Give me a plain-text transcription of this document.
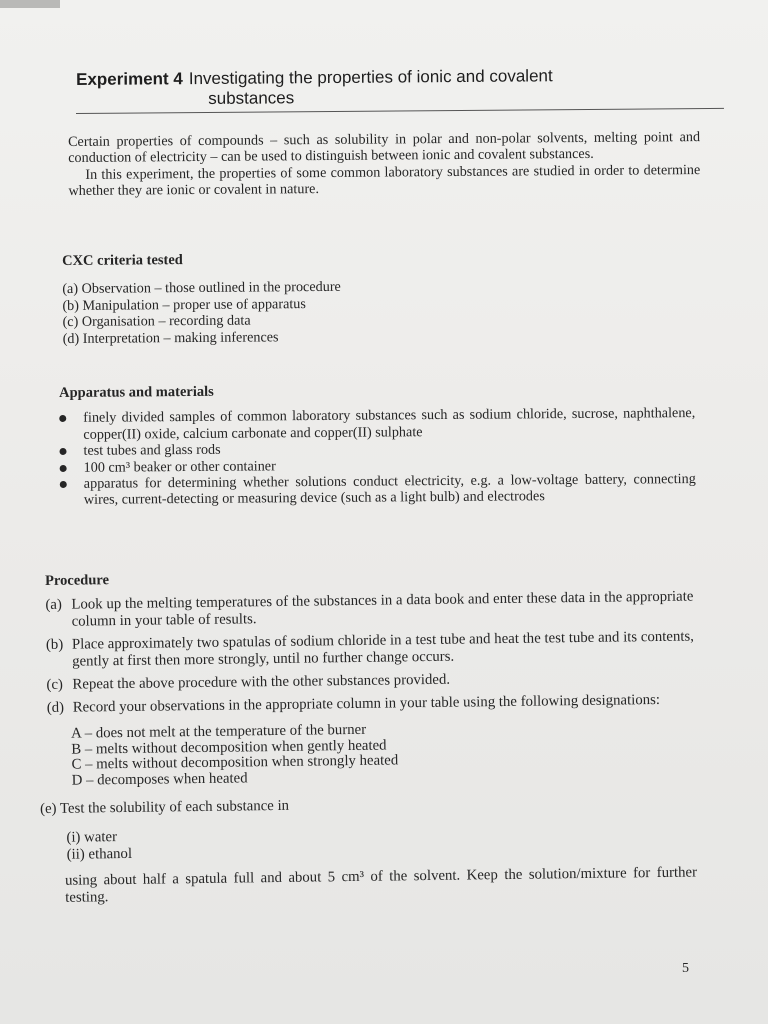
Experiment 4 Investigating the properties of ionic and covalent
substances

Certain properties of compounds – such as solubility in polar and non-polar solvents, melting point and conduction of electricity – can be used to distinguish between ionic and covalent substances.

In this experiment, the properties of some common laboratory substances are studied in order to determine whether they are ionic or covalent in nature.

CXC criteria tested
(a) Observation – those outlined in the procedure
(b) Manipulation – proper use of apparatus
(c) Organisation – recording data
(d) Interpretation – making inferences
Apparatus and materials
finely divided samples of common laboratory substances such as sodium chloride, sucrose, naphthalene, copper(II) oxide, calcium carbonate and copper(II) sulphate
test tubes and glass rods
100 cm³ beaker or other container
apparatus for determining whether solutions conduct electricity, e.g. a low-voltage battery, connecting wires, current-detecting or measuring device (such as a light bulb) and electrodes
Procedure
(a) Look up the melting temperatures of the substances in a data book and enter these data in the appropriate column in your table of results.
(b) Place approximately two spatulas of sodium chloride in a test tube and heat the test tube and its contents, gently at first then more strongly, until no further change occurs.
(c) Repeat the above procedure with the other substances provided.
(d) Record your observations in the appropriate column in your table using the following designations:
A – does not melt at the temperature of the burner
B – melts without decomposition when gently heated
C – melts without decomposition when strongly heated
D – decomposes when heated
(e) Test the solubility of each substance in
(i) water
(ii) ethanol
using about half a spatula full and about 5 cm³ of the solvent. Keep the solution/mixture for further testing.
5
